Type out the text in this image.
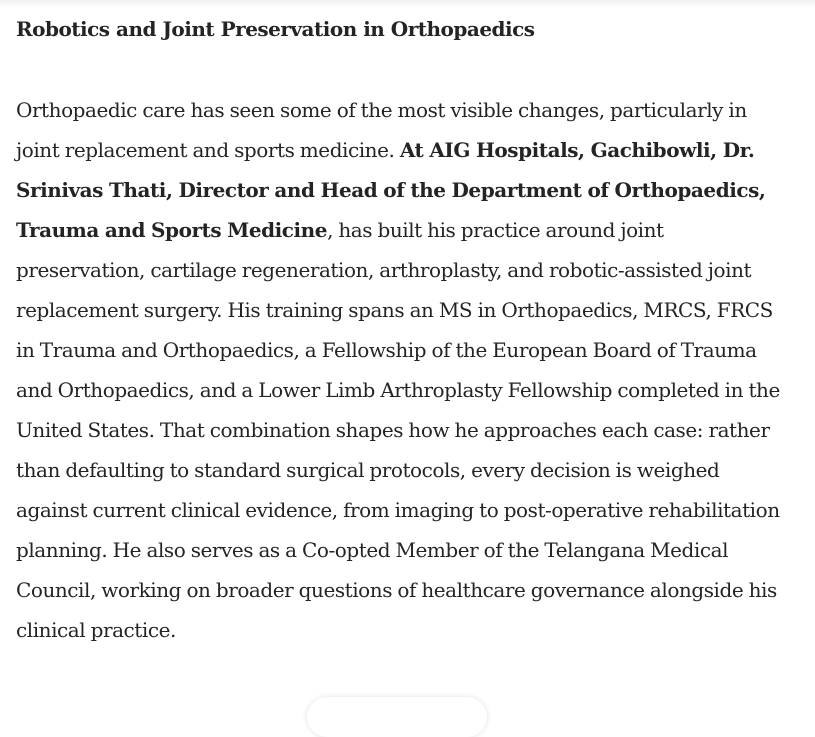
Robotics and Joint Preservation in Orthopaedics

Orthopaedic care has seen some of the most visible changes, particularly in joint replacement and sports medicine. At AIG Hospitals, Gachibowli, Dr. Srinivas Thati, Director and Head of the Department of Orthopaedics, Trauma and Sports Medicine, has built his practice around joint preservation, cartilage regeneration, arthroplasty, and robotic-assisted joint replacement surgery. His training spans an MS in Orthopaedics, MRCS, FRCS in Trauma and Orthopaedics, a Fellowship of the European Board of Trauma and Orthopaedics, and a Lower Limb Arthroplasty Fellowship completed in the United States. That combination shapes how he approaches each case: rather than defaulting to standard surgical protocols, every decision is weighed against current clinical evidence, from imaging to post-operative rehabilitation planning. He also serves as a Co-opted Member of the Telangana Medical Council, working on broader questions of healthcare governance alongside his clinical practice.
